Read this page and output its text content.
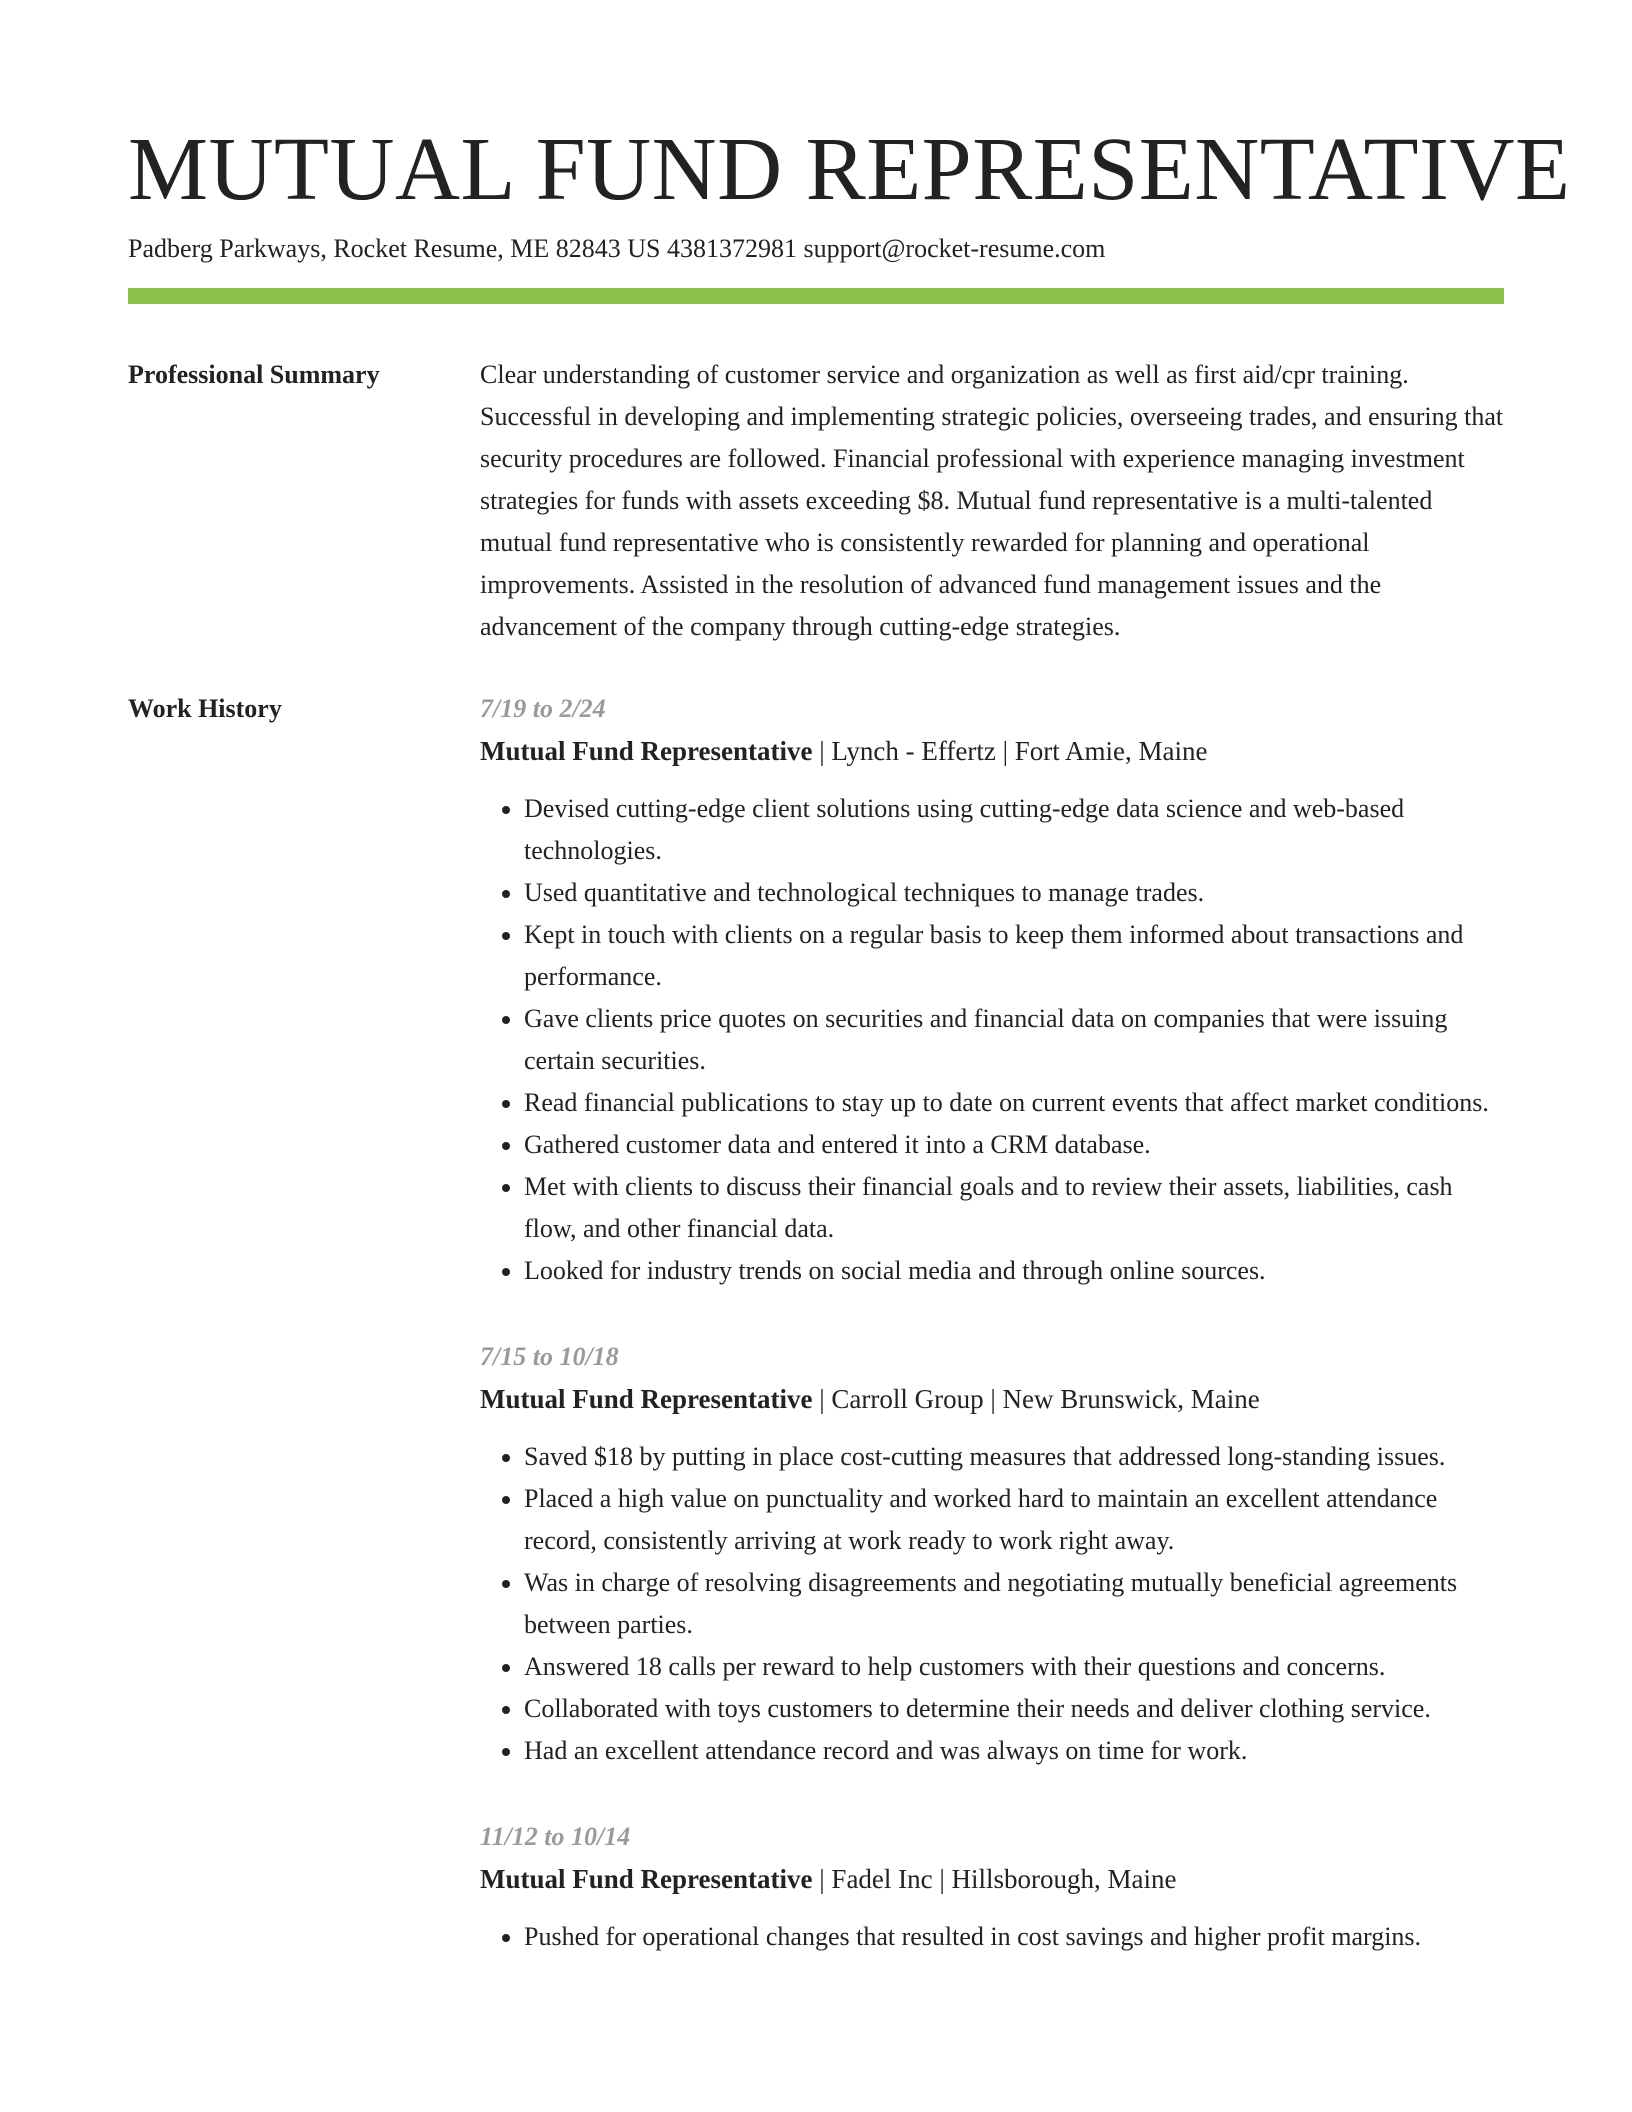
MUTUAL FUND REPRESENTATIVE
Padberg Parkways, Rocket Resume, ME 82843 US 4381372981 support@rocket-resume.com
Professional Summary	Clear understanding of customer service and organization as well as first aid/cpr training. Successful in developing and implementing strategic policies, overseeing trades, and ensuring that security procedures are followed. Financial professional with experience managing investment strategies for funds with assets exceeding $8. Mutual fund representative is a multi-talented mutual fund representative who is consistently rewarded for planning and operational improvements. Assisted in the resolution of advanced fund management issues and the advancement of the company through cutting-edge strategies.

Work History	7/19 to 2/24
Mutual Fund Representative | Lynch - Effertz | Fort Amie, Maine
• Devised cutting-edge client solutions using cutting-edge data science and web-based technologies.
• Used quantitative and technological techniques to manage trades.
• Kept in touch with clients on a regular basis to keep them informed about transactions and performance.
• Gave clients price quotes on securities and financial data on companies that were issuing certain securities.
• Read financial publications to stay up to date on current events that affect market conditions.
• Gathered customer data and entered it into a CRM database.
• Met with clients to discuss their financial goals and to review their assets, liabilities, cash flow, and other financial data.
• Looked for industry trends on social media and through online sources.
7/15 to 10/18
Mutual Fund Representative | Carroll Group | New Brunswick, Maine
• Saved $18 by putting in place cost-cutting measures that addressed long-standing issues.
• Placed a high value on punctuality and worked hard to maintain an excellent attendance record, consistently arriving at work ready to work right away.
• Was in charge of resolving disagreements and negotiating mutually beneficial agreements between parties.
• Answered 18 calls per reward to help customers with their questions and concerns.
• Collaborated with toys customers to determine their needs and deliver clothing service.
• Had an excellent attendance record and was always on time for work.
11/12 to 10/14
Mutual Fund Representative | Fadel Inc | Hillsborough, Maine
• Pushed for operational changes that resulted in cost savings and higher profit margins.
